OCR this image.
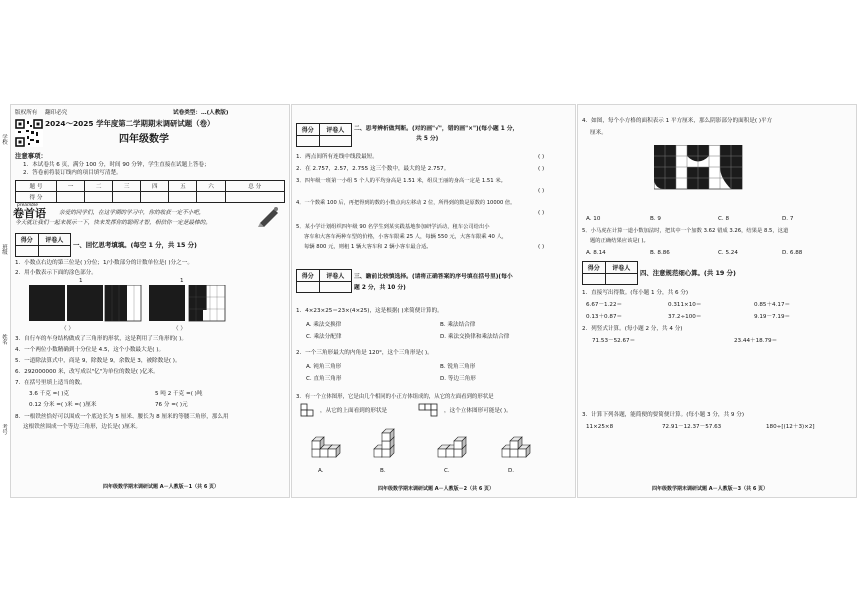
学校
班级
姓名
考号
版权所有 翻印必究	试卷类型：…(人教版)
2024～2025 学年度第二学期期末调研试题（卷）
四年级数学
注意事项：
1．本试卷共 6 页，满分 100 分，时间 90 分钟，学生直接在试题上答卷；
2．答卷前将装订线内的项目填写清楚。
题 号	一	二	三	四	五	六	总 分
得 分							
卷首语
preamble
亲爱的同学们，在这学期的学习中，你的收获一定不小吧，
今天就让我们一起来展示一下，快来发挥你的聪明才智，相信你一定是最棒的。
得分	评卷人
一、回忆思考填填。(每空 1 分，共 15 分)
1．小数点右边的第三位是( )分位；1/小数部分的计数单位是( )分之一。
2．用小数表示下面的涂色部分。
1	1
（ ）	（ ）
3．自行车的车身结构做成了三角形的形状，这是利用了三角形的( )。
4．一个两位小数精确到十分位是 4.5，这个小数最大是( )。
5．一道除法算式中，商是 9，除数是 9，余数是 3，被除数是( )。
6．292000000 米，改写成以"亿"为单位的数是( )亿米。
7．在括号里填上适当的数。
3.6 千克 =( )克	5 吨 2 千克 =( )吨
0.12 分米 =( )米 =( )厘米	76 分 =( )元
8．一根铁丝恰好可以围成一个底边长为 5 厘米、腰长为 8 厘米的等腰三角形，那么用
这根铁丝围成一个等边三角形，边长是( )厘米。
四年级数学期末调研试题 A－人教版－1（共 6 页）
得分	评卷人	二、思考辨析做判断。(对的画"√"，错的画"×")(每小题 1 分，
共 5 分)
1．两点间所有连线中线段最短。	( )
2．在 2.757，2.57，2.755 这三个数中，最大的是 2.757。	( )
3．四年级一班第一小组 5 个人的平均身高是 1.51 米，组员王丽的身高一定是 1.51 米。
( )
4．一个数乘 100 后，再把得到的数的小数点向左移动 2 位，所得到的数是原数的 10000 倍。
( )
5．某小学计划组织四年级 90 名学生到某实践基地参加研学活动，租车公司给出小
客车和大客车两种车型的价格，小客车限乘 25 人，每辆 550 元，大客车限乘 40 人，
每辆 800 元，则租 1 辆大客车和 2 辆小客车最合适。	( )
得分	评卷人	三、瞻前比较慎选择。(请将正确答案的序号填在括号里)(每小
题 2 分，共 10 分)
1．4×23×25＝23×(4×25)，这是根据( )来简便计算的。
A. 乘法交换律	B. 乘法结合律
C. 乘法分配律	D. 乘法交换律和乘法结合律
2．一个三角形最大的内角是 120°，这个三角形是( )。
A. 钝角三角形	B. 锐角三角形
C. 直角三角形	D. 等边三角形
3．有一个立体图形，它是由几个相同的小正方体组成的，从它的左面看到的形状是
，从它的上面看到的形状是	，这个立体图形可能是( )。
A.	B.	C.	D.
四年级数学期末调研试题 A－人教版－2（共 6 页）
4．如图，每个小方格的面积表示 1 平方厘米，那么阴影部分的面积是( )平方
厘米。
A. 10	B. 9	C. 8	D. 7
5．小马虎在计算一道小数加法时，把其中一个加数 3.62 错成 3.26，结果是 8.5，这道
题的正确结果应该是( )。
A. 8.14	B. 8.86	C. 5.24	D. 6.88
得分	评卷人
四、注意规范细心算。(共 19 分)
1．直接写出得数。(每小题 1 分，共 6 分)
6.67－1.22＝	0.311×10＝	0.85＋4.17＝
0.13＋0.87＝	37.2÷100＝	9.19－7.19＝
2．列竖式计算。(每小题 2 分，共 4 分)
71.53－52.67＝	23.44＋18.79＝
3．计算下列各题，能简便的要简便计算。(每小题 3 分，共 9 分)
11×25×8	72.91－12.37－57.63	180÷[(12＋3)×2]
四年级数学期末调研试题 A－人教版－3（共 6 页）
